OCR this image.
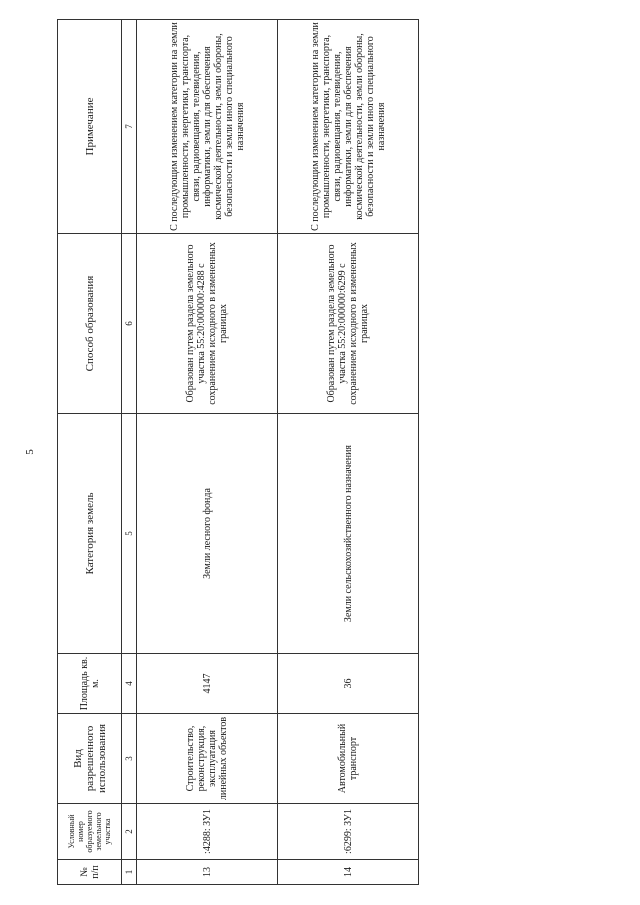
5
№ п/п	Условный номер образуемого земельного участка	Вид разрешенного использования	Площадь кв. м.	Категория земель	Способ образования	Примечание
1	2	3	4	5	6	7
13	:4288: ЗУ1	Строительство, реконструкция, эксплуатация линейных объектов	4147	Земли лесного фонда	Образован путем раздела земельного участка 55:20:000000:4288 с сохранением исходного в измененных границах	С последующим изменением категории на земли промышленности, энергетики, транспорта, связи, радиовещания, телевидения, информатики, земли для обеспечения космической деятельности, земли обороны, безопасности и земли иного специального назначения
14	:6299: ЗУ1	Автомобильный транспорт	36	Земли сельскохозяйственного назначения	Образован путем раздела земельного участка 55:20:000000:6299 с сохранением исходного в измененных границах	С последующим изменением категории на земли промышленности, энергетики, транспорта, связи, радиовещания, телевидения, информатики, земли для обеспечения космической деятельности, земли обороны, безопасности и земли иного специального назначения
